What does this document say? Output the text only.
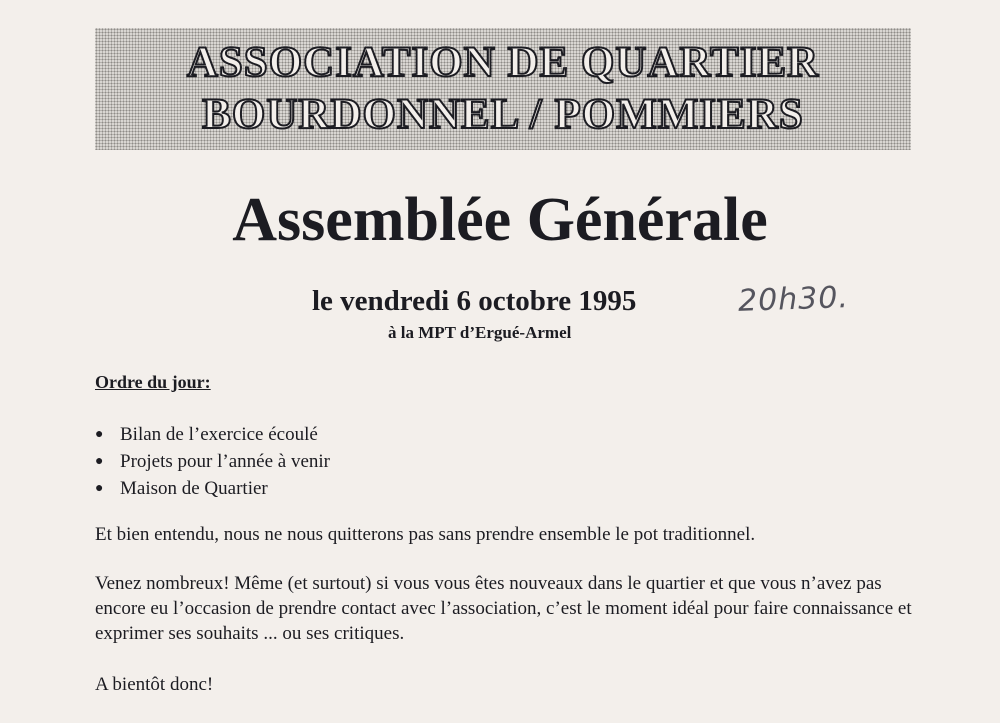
ASSOCIATION DE QUARTIER
BOURDONNEL / POMMIERS
Assemblée Générale
le vendredi 6 octobre 1995	20h30.
à la MPT d’Ergué-Armel
Ordre du jour:
● Bilan de l’exercice écoulé
● Projets pour l’année à venir
● Maison de Quartier

Et bien entendu, nous ne nous quitterons pas sans prendre ensemble le pot traditionnel.

Venez nombreux! Même (et surtout) si vous vous êtes nouveaux dans le quartier et que vous n’avez pas encore eu l’occasion de prendre contact avec l’association, c’est le moment idéal pour faire connaissance et exprimer ses souhaits ... ou ses critiques.

A bientôt donc!
